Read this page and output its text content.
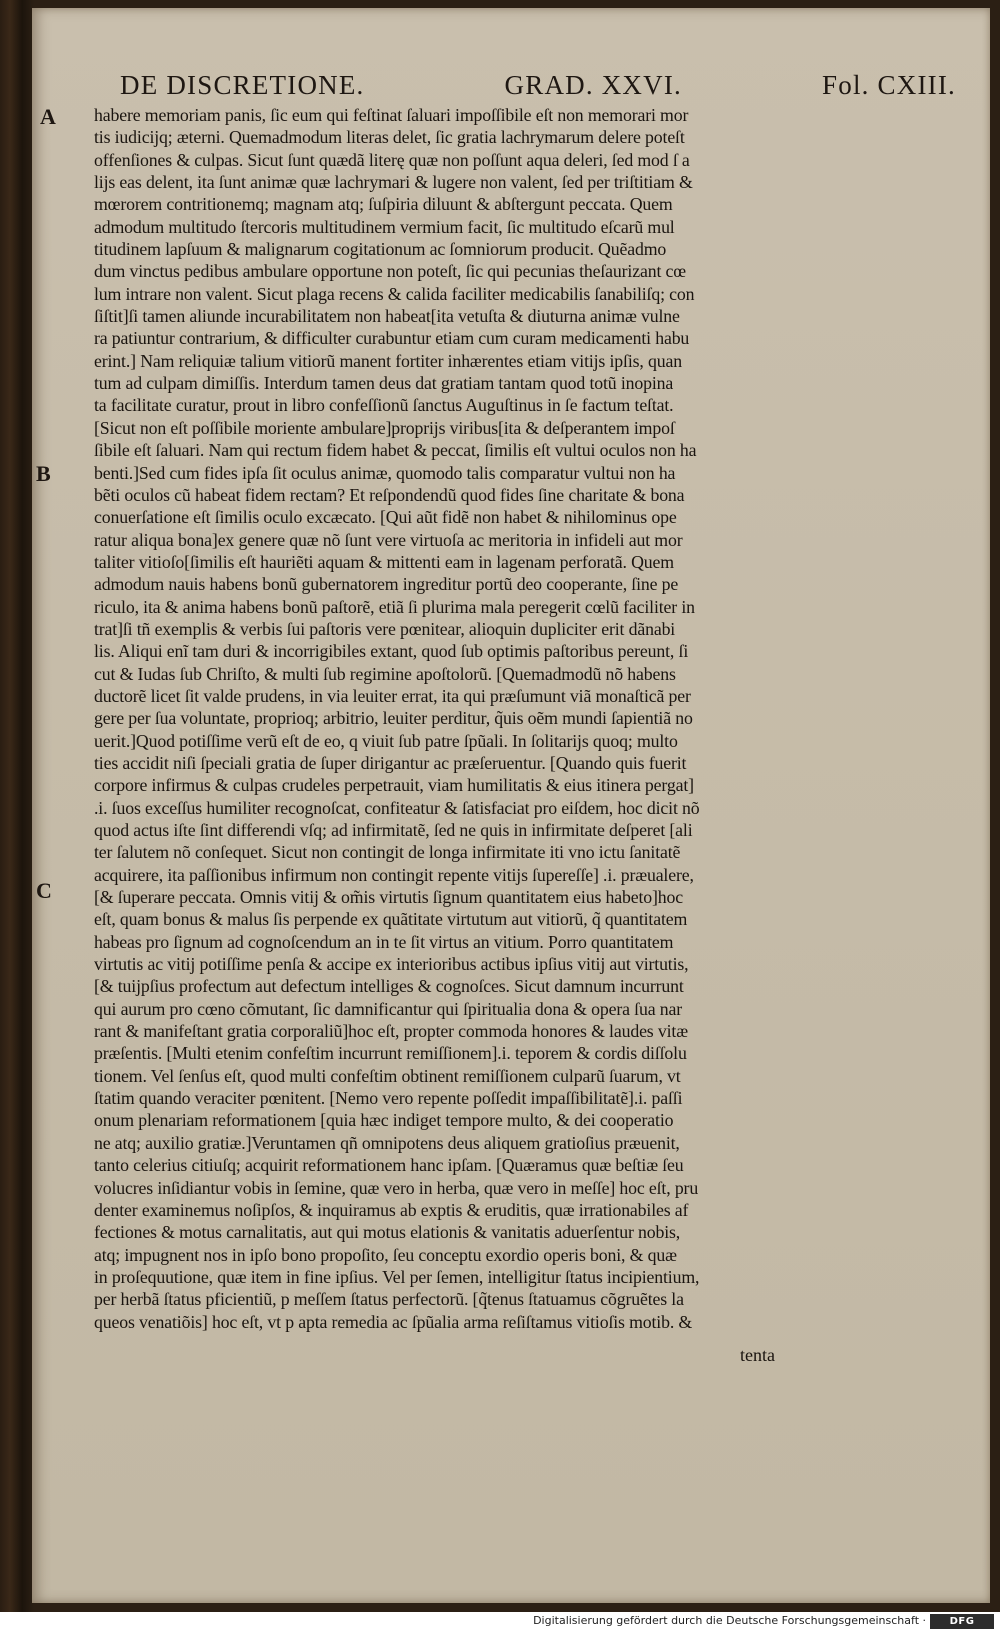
DE DISCRETIONE.	GRAD. XXVI.	Fol. CXIII.
A
B
C
habere memoriam panis, ſic eum qui feſtinat ſaluari impoſſibile eſt non memorari mor
tis iudicijq; æterni. Quemadmodum literas delet, ſic gratia lachrymarum delere poteſt
offenſiones & culpas. Sicut ſunt quædã literę quæ non poſſunt aqua deleri, ſed mod ſ a
lijs eas delent, ita ſunt animæ quæ lachrymari & lugere non valent, ſed per triſtitiam &
mœrorem contritionemq; magnam atq; ſuſpiria diluunt & abſtergunt peccata. Quem
admodum multitudo ſtercoris multitudinem vermium facit, ſic multitudo eſcarũ mul
titudinem lapſuum & malignarum cogitationum ac ſomniorum producit. Quẽadmo
dum vinctus pedibus ambulare opportune non poteſt, ſic qui pecunias theſaurizant cœ
lum intrare non valent. Sicut plaga recens & calida faciliter medicabilis ſanabiliſq; con
ſiſtit]ſi tamen aliunde incurabilitatem non habeat[ita vetuſta & diuturna animæ vulne
ra patiuntur contrarium, & difficulter curabuntur etiam cum curam medicamenti habu
erint.] Nam reliquiæ talium vitiorũ manent fortiter inhærentes etiam vitijs ipſis, quan
tum ad culpam dimiſſis. Interdum tamen deus dat gratiam tantam quod totũ inopina
ta facilitate curatur, prout in libro confeſſionũ ſanctus Auguſtinus in ſe factum teſtat.
[Sicut non eſt poſſibile moriente ambulare]proprijs viribus[ita & deſperantem impoſ
ſibile eſt ſaluari. Nam qui rectum fidem habet & peccat, ſimilis eſt vultui oculos non ha
benti.]Sed cum fides ipſa ſit oculus animæ, quomodo talis comparatur vultui non ha
bẽti oculos cũ habeat fidem rectam? Et reſpondendũ quod fides ſine charitate & bona
conuerſatione eſt ſimilis oculo excæcato. [Qui aũt fidẽ non habet & nihilominus ope
ratur aliqua bona]ex genere quæ nõ ſunt vere virtuoſa ac meritoria in infideli aut mor
taliter vitioſo[ſimilis eſt hauriẽti aquam & mittenti eam in lagenam perforatã. Quem
admodum nauis habens bonũ gubernatorem ingreditur portũ deo cooperante, ſine pe
riculo, ita & anima habens bonũ paſtorẽ, etiã ſi plurima mala peregerit cœlũ faciliter in
trat]ſi tñ exemplis & verbis ſui paſtoris vere pœnitear, alioquin dupliciter erit dãnabi
lis. Aliqui enĩ tam duri & incorrigibiles extant, quod ſub optimis paſtoribus pereunt, ſi
cut & Iudas ſub Chriſto, & multi ſub regimine apoſtolorũ. [Quemadmodũ nõ habens
ductorẽ licet ſit valde prudens, in via leuiter errat, ita qui præſumunt viã monaſticã per
gere per ſua voluntate, proprioq; arbitrio, leuiter perditur, q̃uis oẽm mundi ſapientiã no
uerit.]Quod potiſſime verũ eſt de eo, q viuit ſub patre ſpũali. In ſolitarijs quoq; multo
ties accidit niſi ſpeciali gratia de ſuper dirigantur ac præſeruentur. [Quando quis fuerit
corpore infirmus & culpas crudeles perpetrauit, viam humilitatis & eius itinera pergat]
.i. ſuos exceſſus humiliter recognoſcat, confiteatur & ſatisfaciat pro eiſdem, hoc dicit nõ
quod actus iſte ſint differendi vſq; ad infirmitatẽ, ſed ne quis in infirmitate deſperet [ali
ter ſalutem nõ conſequet. Sicut non contingit de longa infirmitate iti vno ictu ſanitatẽ
acquirere, ita paſſionibus infirmum non contingit repente vitijs ſupereſſe] .i. præualere,
[& ſuperare peccata. Omnis vitij & om̃is virtutis ſignum quantitatem eius habeto]hoc
eſt, quam bonus & malus ſis perpende ex quãtitate virtutum aut vitiorũ, q̃ quantitatem
habeas pro ſignum ad cognoſcendum an in te ſit virtus an vitium. Porro quantitatem
virtutis ac vitij potiſſime penſa & accipe ex interioribus actibus ipſius vitij aut virtutis,
[& tuijpſius profectum aut defectum intelliges & cognoſces. Sicut damnum incurrunt
qui aurum pro cœno cõmutant, ſic damnificantur qui ſpiritualia dona & opera ſua nar
rant & manifeſtant gratia corporaliũ]hoc eſt, propter commoda honores & laudes vitæ
præſentis. [Multi etenim confeſtim incurrunt remiſſionem].i. teporem & cordis diſſolu
tionem. Vel ſenſus eſt, quod multi confeſtim obtinent remiſſionem culparũ ſuarum, vt
ſtatim quando veraciter pœnitent. [Nemo vero repente poſſedit impaſſibilitatẽ].i. paſſi
onum plenariam reformationem [quia hæc indiget tempore multo, & dei cooperatio
ne atq; auxilio gratiæ.]Veruntamen qñ omnipotens deus aliquem gratioſius præuenit,
tanto celerius citiuſq; acquirit reformationem hanc ipſam. [Quæramus quæ beſtiæ ſeu
volucres inſidiantur vobis in ſemine, quæ vero in herba, quæ vero in meſſe] hoc eſt, pru
denter examinemus noſipſos, & inquiramus ab exptis & eruditis, quæ irrationabiles af
fectiones & motus carnalitatis, aut qui motus elationis & vanitatis aduerſentur nobis,
atq; impugnent nos in ipſo bono propoſito, ſeu conceptu exordio operis boni, & quæ
in proſequutione, quæ item in fine ipſius. Vel per ſemen, intelligitur ſtatus incipientium,
per herbã ſtatus pficientiũ, p meſſem ſtatus perfectorũ. [q̃tenus ſtatuamus cõgruẽtes la
queos venatiõis] hoc eſt, vt p apta remedia ac ſpũalia arma reſiſtamus vitioſis motib. &
tenta
Digitalisierung gefördert durch die Deutsche Forschungsgemeinschaft ·	DFG
